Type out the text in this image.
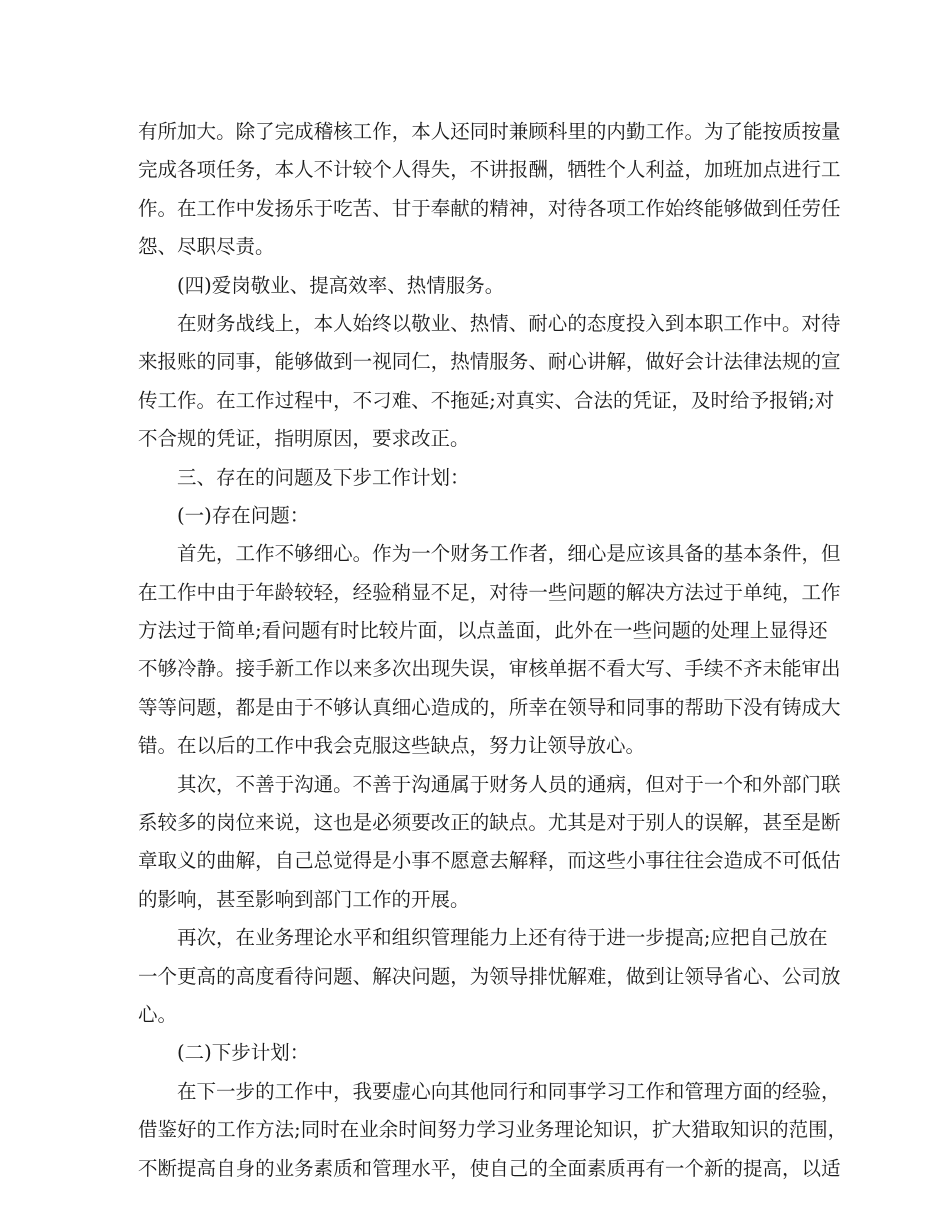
有 所 加 大 。 除 了 完 成 稽 核 工 作 ， 本 人 还 同 时 兼 顾 科 里 的 内 勤 工 作 。 为 了 能 按 质 按 量
完 成 各 项 任 务 ， 本 人 不 计 较 个 人 得 失 ， 不 讲 报 酬 ， 牺 牲 个 人 利 益 ， 加 班 加 点 进 行 工
作 。 在 工 作 中 发 扬 乐 于 吃 苦 、 甘 于 奉 献 的 精 神 ， 对 待 各 项 工 作 始 终 能 够 做 到 任 劳 任
怨、尽职尽责。
(四)爱岗敬业、提高效率、热情服务。
在 财 务 战 线 上 ， 本 人 始 终 以 敬 业 、 热 情 、 耐 心 的 态 度 投 入 到 本 职 工 作 中 。 对 待
来 报 账 的 同 事 ， 能 够 做 到 一 视 同 仁 ， 热 情 服 务 、 耐 心 讲 解 ， 做 好 会 计 法 律 法 规 的 宣
传 工 作 。 在 工 作 过 程 中 ， 不 刁 难 、 不 拖 延 ; 对 真 实 、 合 法 的 凭 证 ， 及 时 给 予 报 销 ; 对
不合规的凭证，指明原因，要求改正。
三、存在的问题及下步工作计划：
(一)存在问题：
首 先 ， 工 作 不 够 细 心 。 作 为 一 个 财 务 工 作 者 ， 细 心 是 应 该 具 备 的 基 本 条 件 ， 但
在 工 作 中 由 于 年 龄 较 轻 ， 经 验 稍 显 不 足 ， 对 待 一 些 问 题 的 解 决 方 法 过 于 单 纯 ， 工 作
方 法 过 于 简 单 ; 看 问 题 有 时 比 较 片 面 ， 以 点 盖 面 ， 此 外 在 一 些 问 题 的 处 理 上 显 得 还
不 够 冷 静 。 接 手 新 工 作 以 来 多 次 出 现 失 误 ， 审 核 单 据 不 看 大 写 、 手 续 不 齐 未 能 审 出
等 等 问 题 ， 都 是 由 于 不 够 认 真 细 心 造 成 的 ， 所 幸 在 领 导 和 同 事 的 帮 助 下 没 有 铸 成 大
错。在以后的工作中我会克服这些缺点，努力让领导放心。
其 次 ， 不 善 于 沟 通 。 不 善 于 沟 通 属 于 财 务 人 员 的 通 病 ， 但 对 于 一 个 和 外 部 门 联
系 较 多 的 岗 位 来 说 ， 这 也 是 必 须 要 改 正 的 缺 点 。 尤 其 是 对 于 别 人 的 误 解 ， 甚 至 是 断
章 取 义 的 曲 解 ， 自 己 总 觉 得 是 小 事 不 愿 意 去 解 释 ， 而 这 些 小 事 往 往 会 造 成 不 可 低 估
的影响，甚至影响到部门工作的开展。
再 次 ， 在 业 务 理 论 水 平 和 组 织 管 理 能 力 上 还 有 待 于 进 一 步 提 高 ; 应 把 自 己 放 在
一 个 更 高 的 高 度 看 待 问 题 、 解 决 问 题 ， 为 领 导 排 忧 解 难 ， 做 到 让 领 导 省 心 、 公 司 放
心。
(二)下步计划：
在 下 一 步 的 工 作 中 ， 我 要 虚 心 向 其 他 同 行 和 同 事 学 习 工 作 和 管 理 方 面 的 经 验 ，
借 鉴 好 的 工 作 方 法 ; 同 时 在 业 余 时 间 努 力 学 习 业 务 理 论 知 识 ， 扩 大 猎 取 知 识 的 范 围 ，
不 断 提 高 自 身 的 业 务 素 质 和 管 理 水 平 ， 使 自 己 的 全 面 素 质 再 有 一 个 新 的 提 高 ， 以 适
